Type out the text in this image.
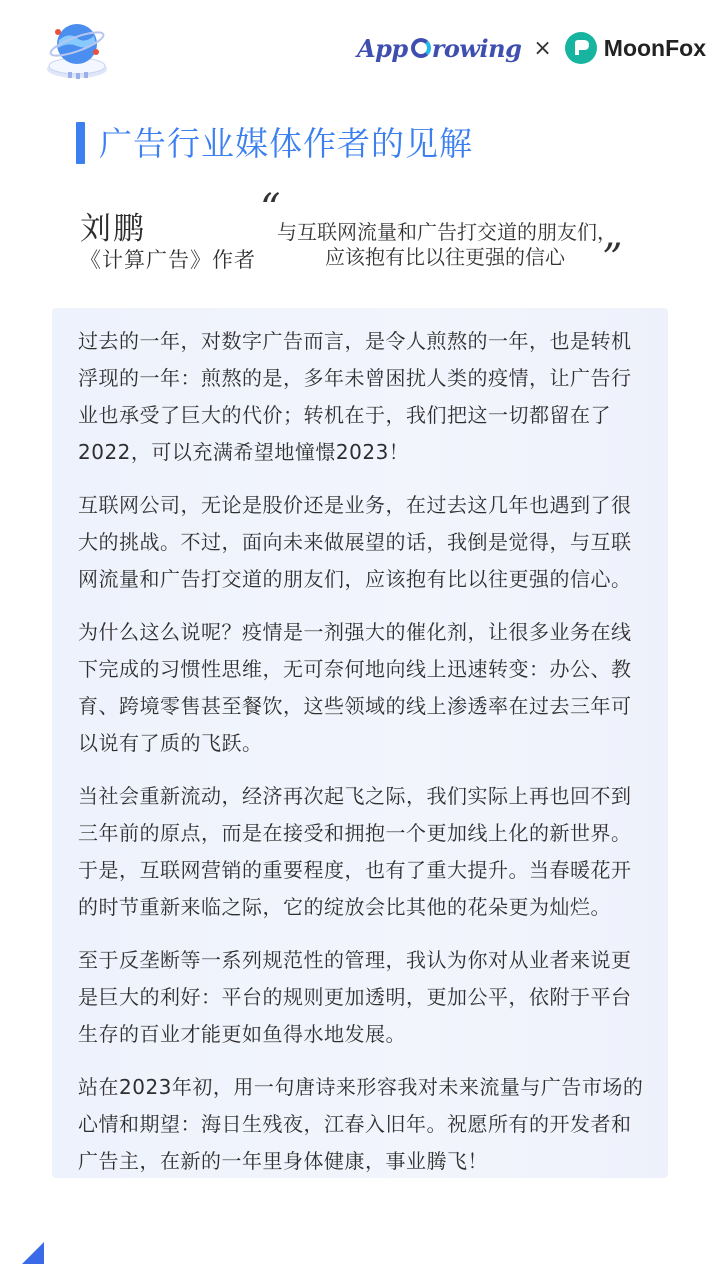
App rowing × MoonFox
广告行业媒体作者的见解
刘鹏
《计算广告》作者
“
与互联网流量和广告打交道的朋友们，
应该抱有比以往更强的信心 ”

过去的一年，对数字广告而言，是令人煎熬的一年，也是转机浮现的一年：煎熬的是，多年未曾困扰人类的疫情，让广告行业也承受了巨大的代价；转机在于，我们把这一切都留在了2022，可以充满希望地憧憬2023！

互联网公司，无论是股价还是业务，在过去这几年也遇到了很大的挑战。不过，面向未来做展望的话，我倒是觉得，与互联网流量和广告打交道的朋友们，应该抱有比以往更强的信心。

为什么这么说呢？疫情是一剂强大的催化剂，让很多业务在线下完成的习惯性思维，无可奈何地向线上迅速转变：办公、教育、跨境零售甚至餐饮，这些领域的线上渗透率在过去三年可以说有了质的飞跃。

当社会重新流动，经济再次起飞之际，我们实际上再也回不到三年前的原点，而是在接受和拥抱一个更加线上化的新世界。于是，互联网营销的重要程度，也有了重大提升。当春暖花开的时节重新来临之际，它的绽放会比其他的花朵更为灿烂。

至于反垄断等一系列规范性的管理，我认为你对从业者来说更是巨大的利好：平台的规则更加透明，更加公平，依附于平台生存的百业才能更如鱼得水地发展。

站在2023年初，用一句唐诗来形容我对未来流量与广告市场的心情和期望：海日生残夜，江春入旧年。祝愿所有的开发者和广告主，在新的一年里身体健康，事业腾飞！
